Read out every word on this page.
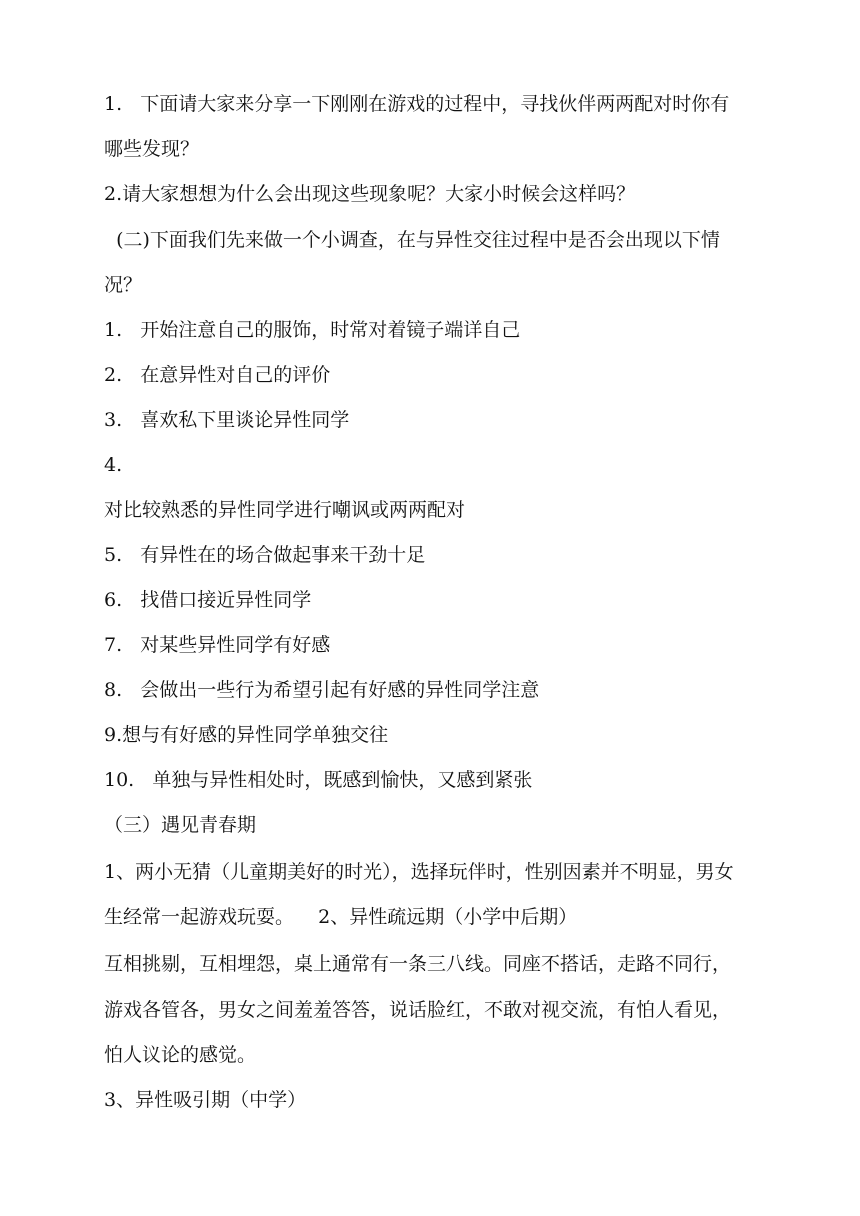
1.   下面请大家来分享一下刚刚在游戏的过程中，寻找伙伴两两配对时你有
哪些发现？
2.请大家想想为什么会出现这些现象呢？大家小时候会这样吗？
(二)下面我们先来做一个小调查，在与异性交往过程中是否会出现以下情
况？
1.   开始注意自己的服饰，时常对着镜子端详自己
2.   在意异性对自己的评价
3.   喜欢私下里谈论异性同学
4.
对比较熟悉的异性同学进行嘲讽或两两配对
5.   有异性在的场合做起事来干劲十足
6.   找借口接近异性同学
7.   对某些异性同学有好感
8.   会做出一些行为希望引起有好感的异性同学注意
9.想与有好感的异性同学单独交往
10.   单独与异性相处时，既感到愉快，又感到紧张
（三）遇见青春期
1、两小无猜（儿童期美好的时光），选择玩伴时，性别因素并不明显，男女
生经常一起游戏玩耍。    2、异性疏远期（小学中后期）
互相挑剔，互相埋怨，桌上通常有一条三八线。同座不搭话，走路不同行，
游戏各管各，男女之间羞羞答答，说话脸红，不敢对视交流，有怕人看见，
怕人议论的感觉。
3、异性吸引期（中学）
